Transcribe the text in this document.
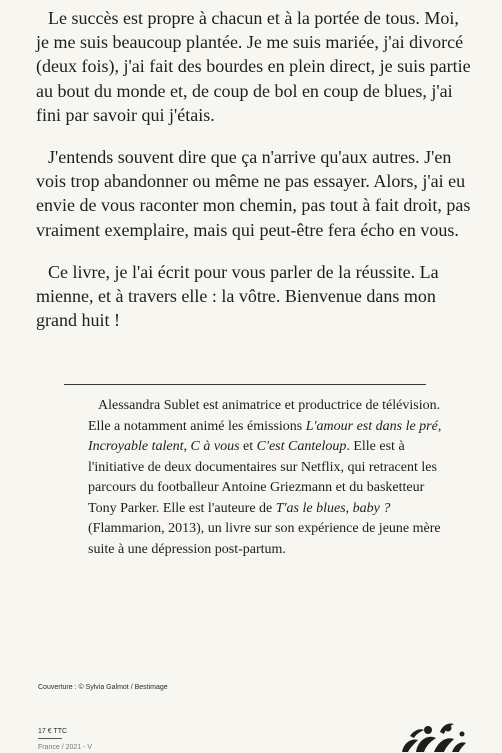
Le succès est propre à chacun et à la portée de tous. Moi, je me suis beaucoup plantée. Je me suis mariée, j'ai divorcé (deux fois), j'ai fait des bourdes en plein direct, je suis partie au bout du monde et, de coup de bol en coup de blues, j'ai fini par savoir qui j'étais.

J'entends souvent dire que ça n'arrive qu'aux autres. J'en vois trop abandonner ou même ne pas essayer. Alors, j'ai eu envie de vous raconter mon chemin, pas tout à fait droit, pas vraiment exemplaire, mais qui peut-être fera écho en vous.

Ce livre, je l'ai écrit pour vous parler de la réussite. La mienne, et à travers elle : la vôtre. Bienvenue dans mon grand huit !

Alessandra Sublet est animatrice et productrice de télévision. Elle a notamment animé les émissions L'amour est dans le pré, Incroyable talent, C à vous et C'est Canteloup. Elle est à l'initiative de deux documentaires sur Netflix, qui retracent les parcours du footballeur Antoine Griezmann et du basketteur Tony Parker. Elle est l'auteure de T'as le blues, baby ? (Flammarion, 2013), un livre sur son expérience de jeune mère suite à une dépression post-partum.
Couverture : © Sylvia Galmot / Bestimage
17 € TTC
France / 2021 - V
